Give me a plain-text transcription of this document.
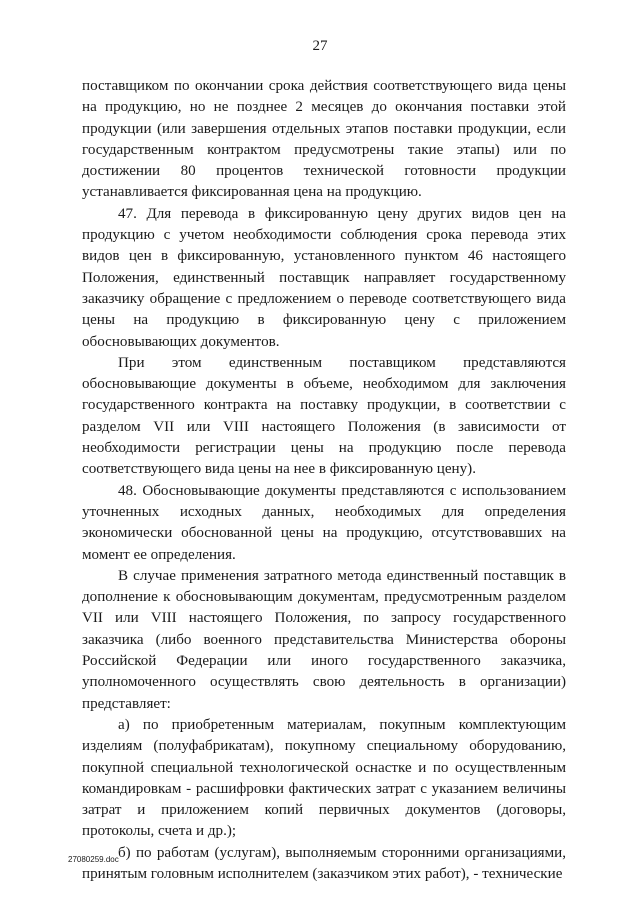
27

поставщиком по окончании срока действия соответствующего вида цены на продукцию, но не позднее 2 месяцев до окончания поставки этой продукции (или завершения отдельных этапов поставки продукции, если государственным контрактом предусмотрены такие этапы) или по достижении 80 процентов технической готовности продукции устанавливается фиксированная цена на продукцию.

47. Для перевода в фиксированную цену других видов цен на продукцию с учетом необходимости соблюдения срока перевода этих видов цен в фиксированную, установленного пунктом 46 настоящего Положения, единственный поставщик направляет государственному заказчику обращение с предложением о переводе соответствующего вида цены на продукцию в фиксированную цену с приложением обосновывающих документов.

При этом единственным поставщиком представляются обосновывающие документы в объеме, необходимом для заключения государственного контракта на поставку продукции, в соответствии с разделом VII или VIII настоящего Положения (в зависимости от необходимости регистрации цены на продукцию после перевода соответствующего вида цены на нее в фиксированную цену).

48. Обосновывающие документы представляются с использованием уточненных исходных данных, необходимых для определения экономически обоснованной цены на продукцию, отсутствовавших на момент ее определения.

В случае применения затратного метода единственный поставщик в дополнение к обосновывающим документам, предусмотренным разделом VII или VIII настоящего Положения, по запросу государственного заказчика (либо военного представительства Министерства обороны Российской Федерации или иного государственного заказчика, уполномоченного осуществлять свою деятельность в организации) представляет:

а) по приобретенным материалам, покупным комплектующим изделиям (полуфабрикатам), покупному специальному оборудованию, покупной специальной технологической оснастке и по осуществленным командировкам - расшифровки фактических затрат с указанием величины затрат и приложением копий первичных документов (договоры, протоколы, счета и др.);

б) по работам (услугам), выполняемым сторонними организациями, принятым головным исполнителем (заказчиком этих работ), - технические

27080259.doc
